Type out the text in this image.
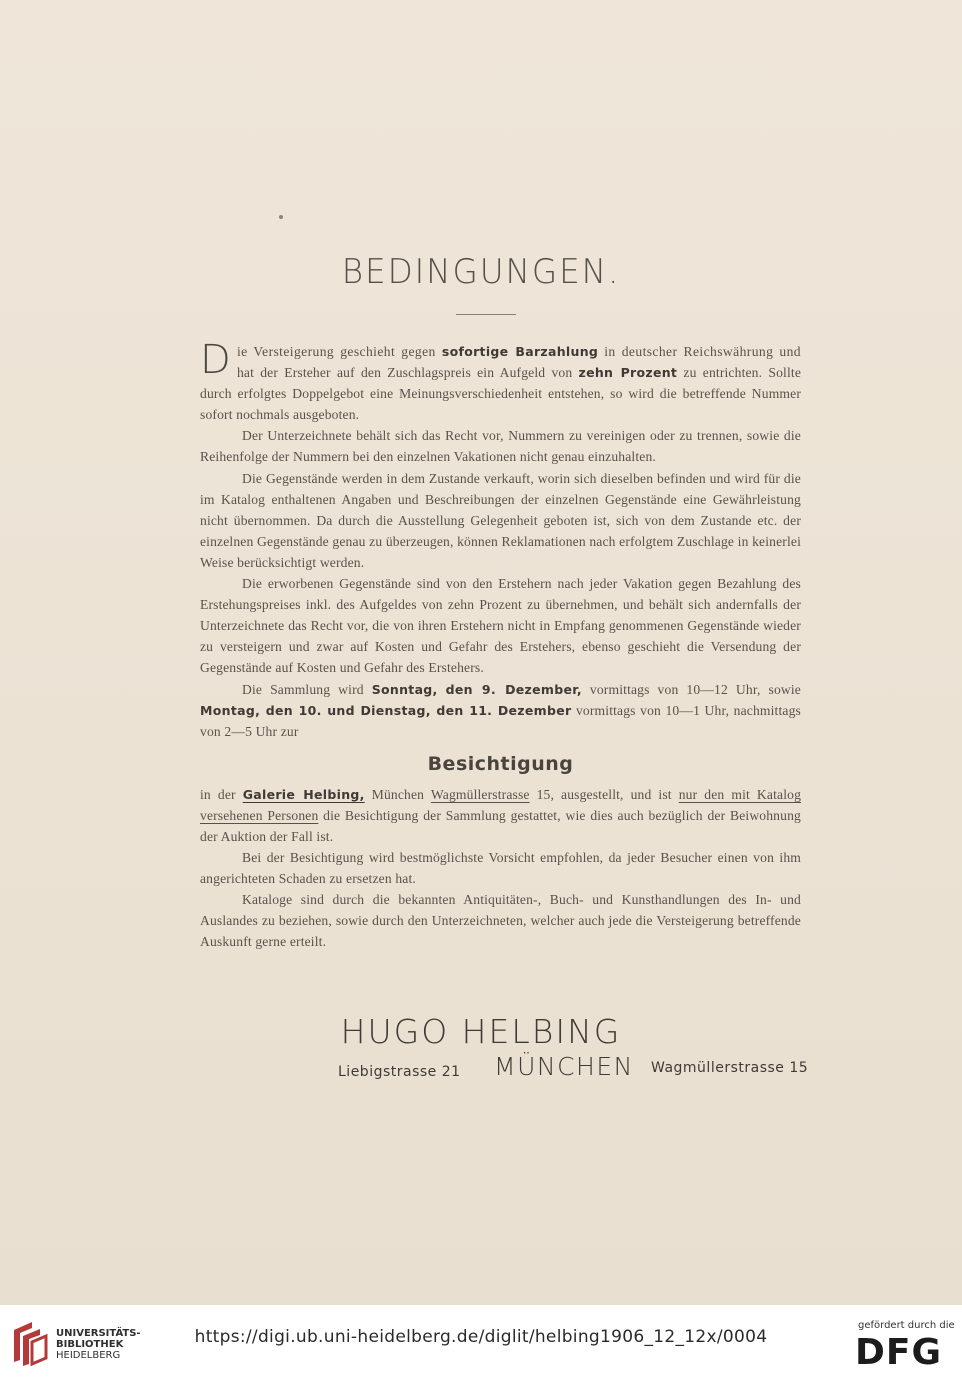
BEDINGUNGEN.

Die Versteigerung geschieht gegen sofortige Barzahlung in deutscher Reichswährung und hat der Ersteher auf den Zuschlagspreis ein Aufgeld von zehn Prozent zu entrichten. Sollte durch erfolgtes Doppelgebot eine Meinungsverschiedenheit entstehen, so wird die betreffende Nummer sofort nochmals ausgeboten.

Der Unterzeichnete behält sich das Recht vor, Nummern zu vereinigen oder zu trennen, sowie die Reihenfolge der Nummern bei den einzelnen Vakationen nicht genau einzuhalten.

Die Gegenstände werden in dem Zustande verkauft, worin sich dieselben befinden und wird für die im Katalog enthaltenen Angaben und Beschreibungen der einzelnen Gegenstände eine Gewährleistung nicht übernommen. Da durch die Ausstellung Gelegenheit geboten ist, sich von dem Zustande etc. der einzelnen Gegenstände genau zu überzeugen, können Reklamationen nach erfolgtem Zuschlage in keinerlei Weise berücksichtigt werden.

Die erworbenen Gegenstände sind von den Erstehern nach jeder Vakation gegen Bezahlung des Erstehungspreises inkl. des Aufgeldes von zehn Prozent zu übernehmen, und behält sich andernfalls der Unterzeichnete das Recht vor, die von ihren Erstehern nicht in Empfang genommenen Gegenstände wieder zu versteigern und zwar auf Kosten und Gefahr des Erstehers, ebenso geschieht die Versendung der Gegenstände auf Kosten und Gefahr des Erstehers.

Die Sammlung wird Sonntag, den 9. Dezember, vormittags von 10—12 Uhr, sowie Montag, den 10. und Dienstag, den 11. Dezember vormittags von 10—1 Uhr, nachmittags von 2—5 Uhr zur

Besichtigung

in der Galerie Helbing, München Wagmüllerstrasse 15, ausgestellt, und ist nur den mit Katalog versehenen Personen die Besichtigung der Sammlung gestattet, wie dies auch bezüglich der Beiwohnung der Auktion der Fall ist.

Bei der Besichtigung wird bestmöglichste Vorsicht empfohlen, da jeder Besucher einen von ihm angerichteten Schaden zu ersetzen hat.

Kataloge sind durch die bekannten Antiquitäten-, Buch- und Kunsthandlungen des In- und Auslandes zu beziehen, sowie durch den Unterzeichneten, welcher auch jede die Versteigerung betreffende Auskunft gerne erteilt.

HUGO HELBING
Liebigstrasse 21 MÜNCHEN Wagmüllerstrasse 15
UNIVERSITÄTS-
BIBLIOTHEK
HEIDELBERG
https://digi.ub.uni-heidelberg.de/diglit/helbing1906_12_12x/0004
gefördert durch die
DFG
